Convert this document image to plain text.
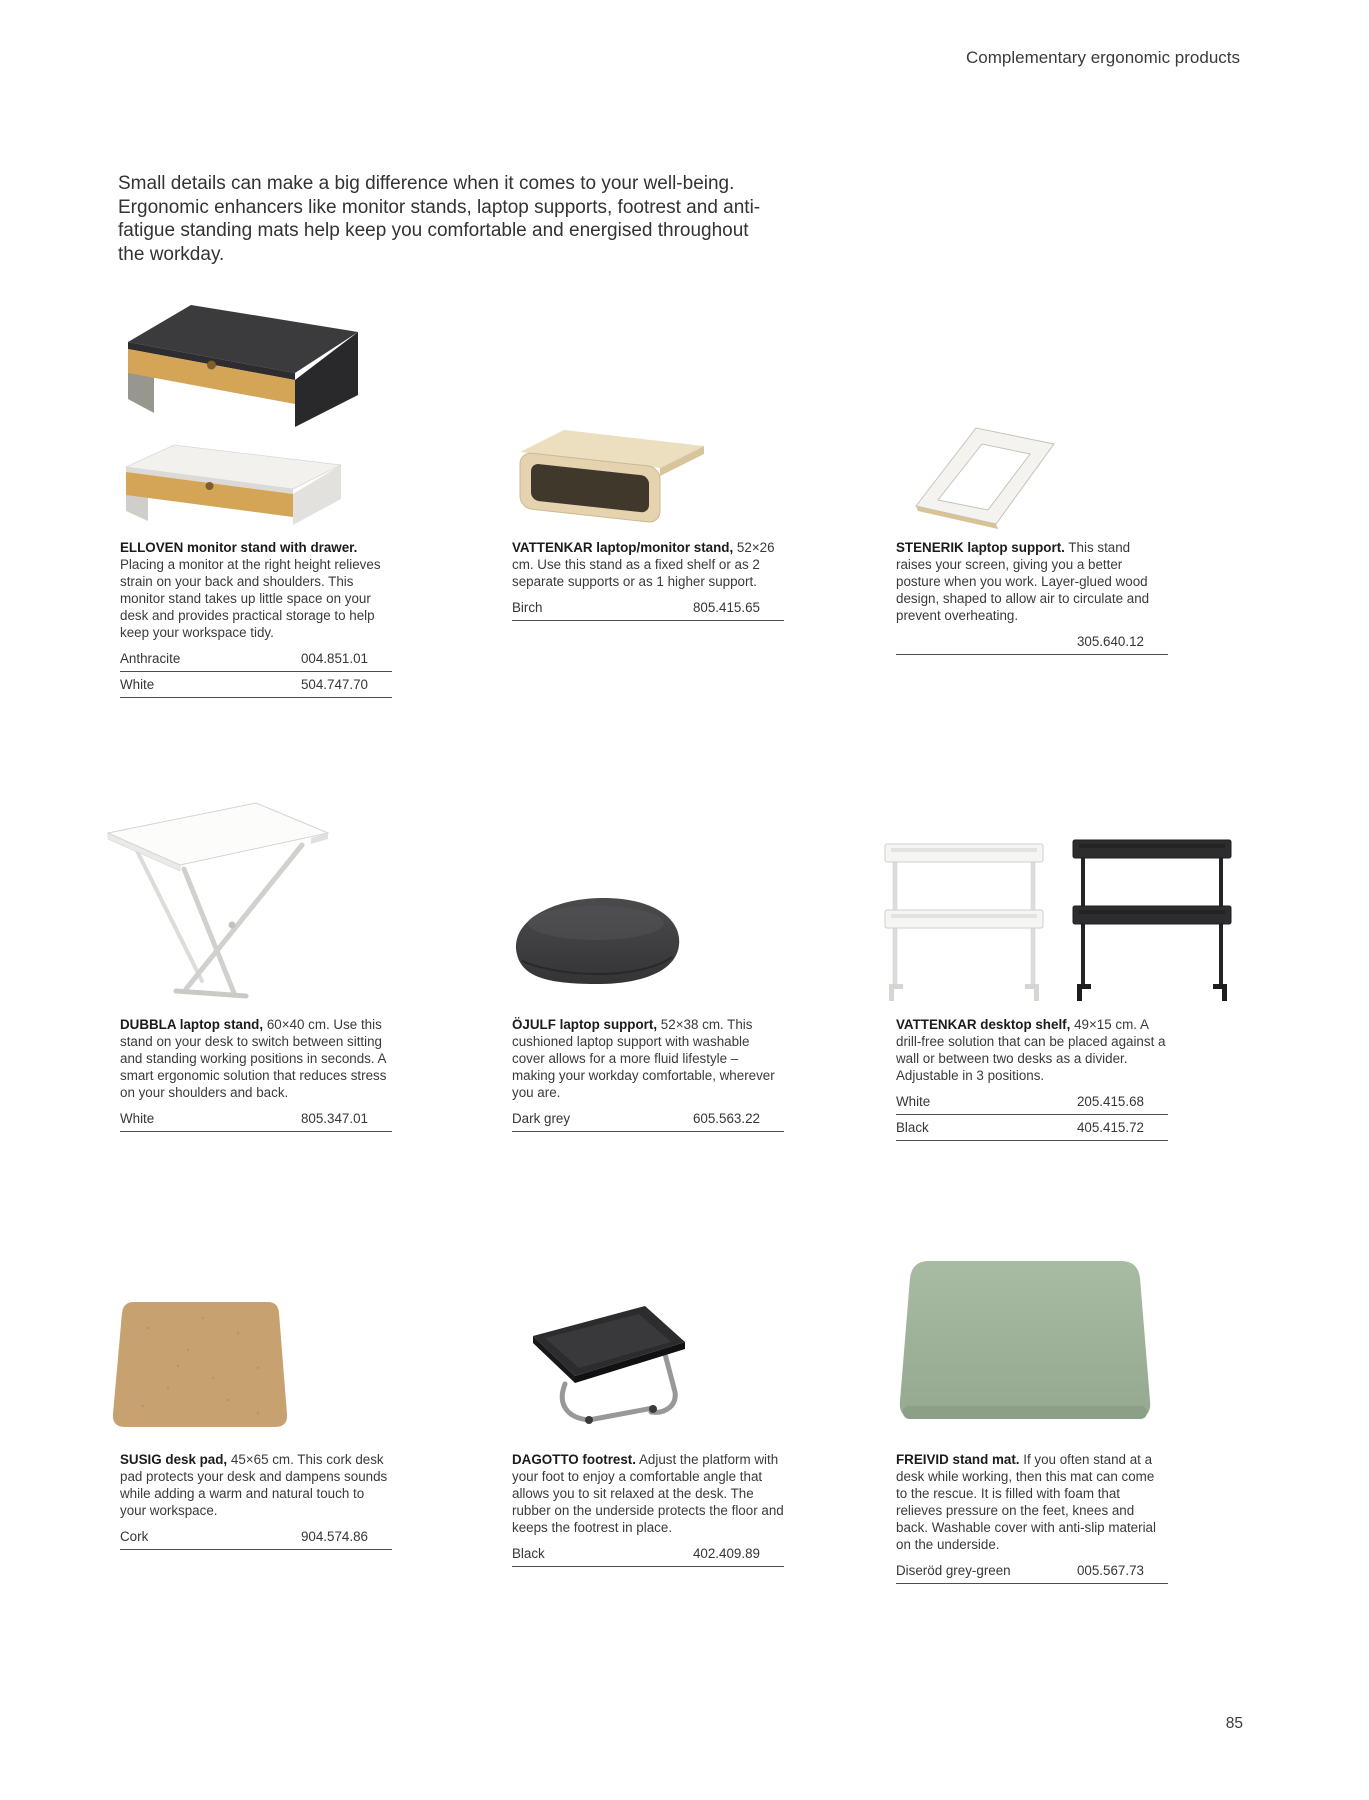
Complementary ergonomic products

Small details can make a big difference when it comes to your well-being. Ergonomic enhancers like monitor stands, laptop supports, footrest and anti-fatigue standing mats help keep you comfortable and energised throughout the workday.

ELLOVEN monitor stand with drawer. Placing a monitor at the right height relieves strain on your back and shoulders. This monitor stand takes up little space on your desk and provides practical storage to help keep your workspace tidy.

Anthracite	004.851.01
White	504.747.70

VATTENKAR laptop/monitor stand, 52×26 cm. Use this stand as a fixed shelf or as 2 separate supports or as 1 higher support.

Birch	805.415.65

STENERIK laptop support. This stand raises your screen, giving you a better posture when you work. Layer-glued wood design, shaped to allow air to circulate and prevent overheating.

305.640.12

DUBBLA laptop stand, 60×40 cm. Use this stand on your desk to switch between sitting and standing working positions in seconds. A smart ergonomic solution that reduces stress on your shoulders and back.

White	805.347.01

ÖJULF laptop support, 52×38 cm. This cushioned laptop support with washable cover allows for a more fluid lifestyle – making your workday comfortable, wherever you are.

Dark grey	605.563.22

VATTENKAR desktop shelf, 49×15 cm. A drill-free solution that can be placed against a wall or between two desks as a divider. Adjustable in 3 positions.

White	205.415.68
Black	405.415.72

SUSIG desk pad, 45×65 cm. This cork desk pad protects your desk and dampens sounds while adding a warm and natural touch to your workspace.

Cork	904.574.86

DAGOTTO footrest. Adjust the platform with your foot to enjoy a comfortable angle that allows you to sit relaxed at the desk. The rubber on the underside protects the floor and keeps the footrest in place.

Black	402.409.89

FREIVID stand mat. If you often stand at a desk while working, then this mat can come to the rescue. It is filled with foam that relieves pressure on the feet, knees and back. Washable cover with anti-slip material on the underside.

Diseröd grey-green	005.567.73
85
